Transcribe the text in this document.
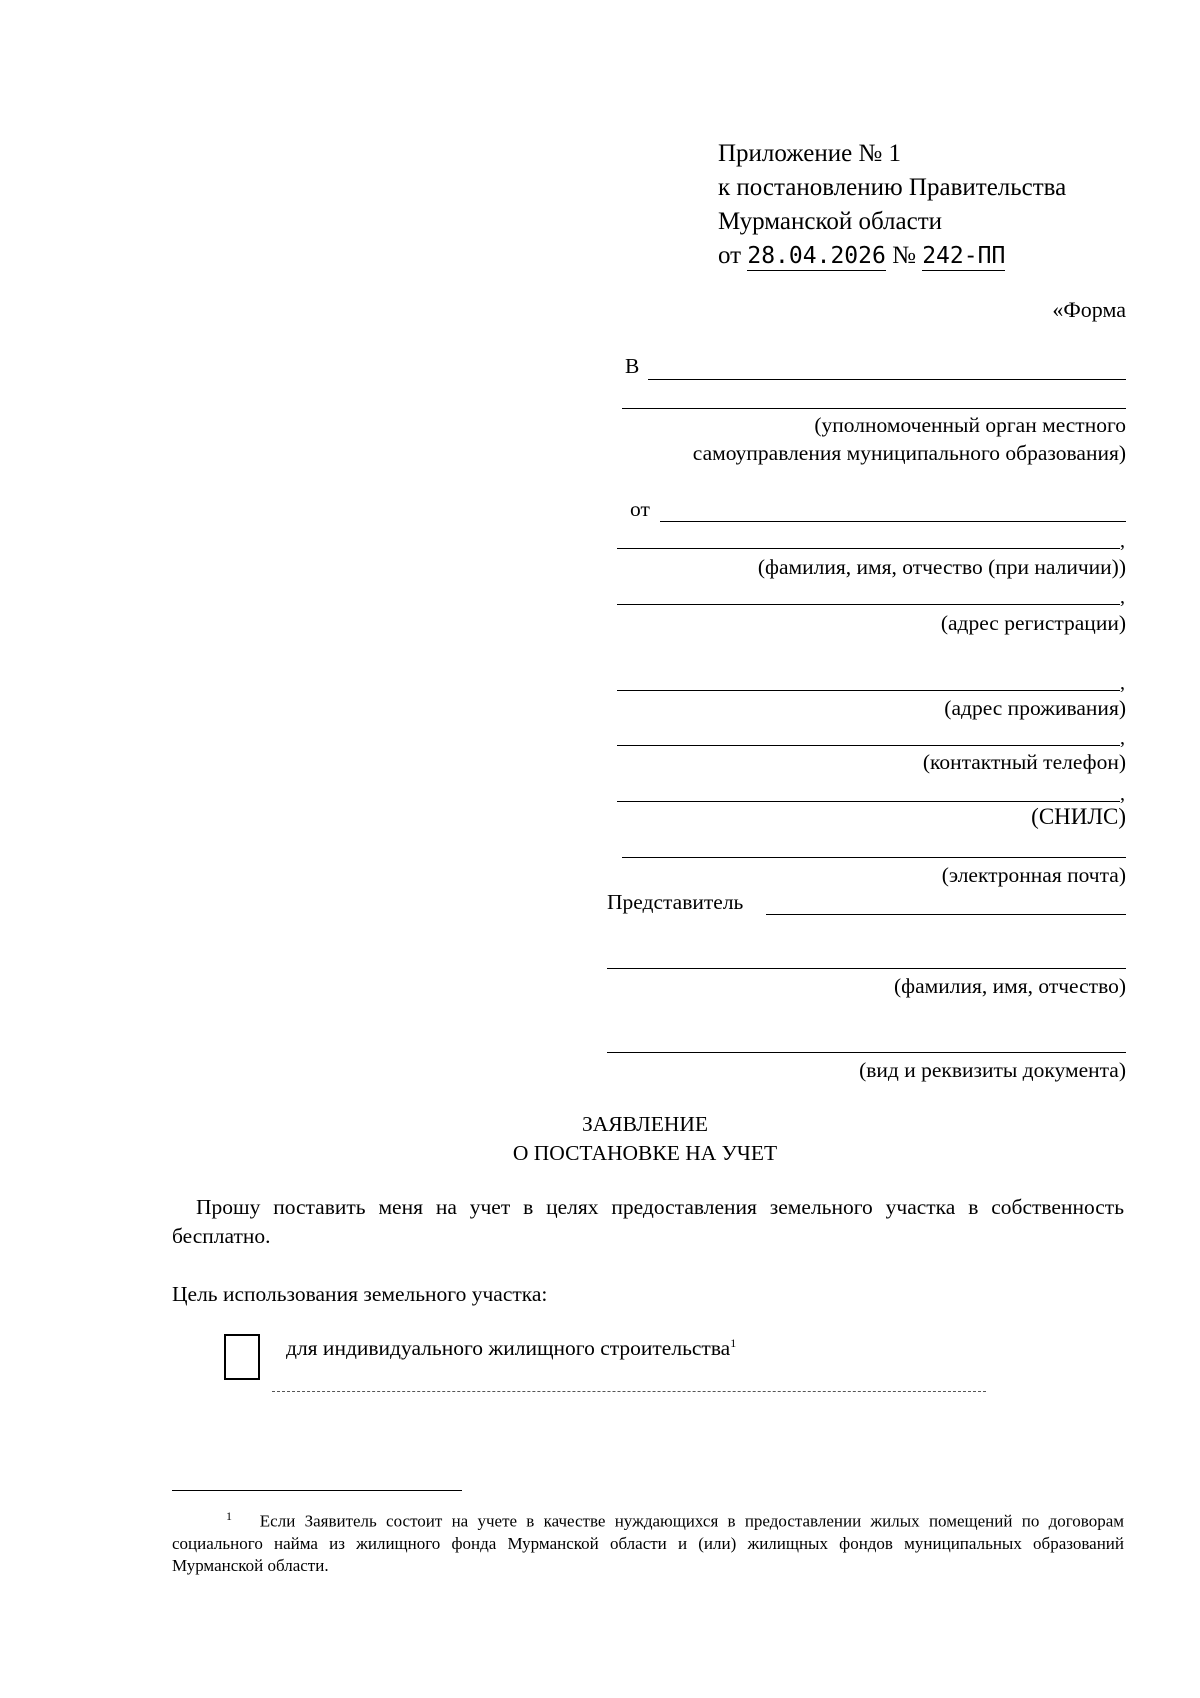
Приложение № 1
к постановлению Правительства
Мурманской области
от 28.04.2026 № 242-ПП
«Форма
В
(уполномоченный орган местного
самоуправления муниципального образования)
от
,
(фамилия, имя, отчество (при наличии))
,
(адрес регистрации)
,
(адрес проживания)
,
(контактный телефон)
,
(СНИЛС)
(электронная почта)
Представитель
(фамилия, имя, отчество)
(вид и реквизиты документа)
ЗАЯВЛЕНИЕ
О ПОСТАНОВКЕ НА УЧЕТ
Прошу поставить меня на учет в целях предоставления земельного участка в собственность бесплатно.
Цель использования земельного участка:
для индивидуального жилищного строительства$^1$
$^1$ Если Заявитель состоит на учете в качестве нуждающихся в предоставлении жилых помещений по договорам социального найма из жилищного фонда Мурманской области и (или) жилищных фондов муниципальных образований Мурманской области.
